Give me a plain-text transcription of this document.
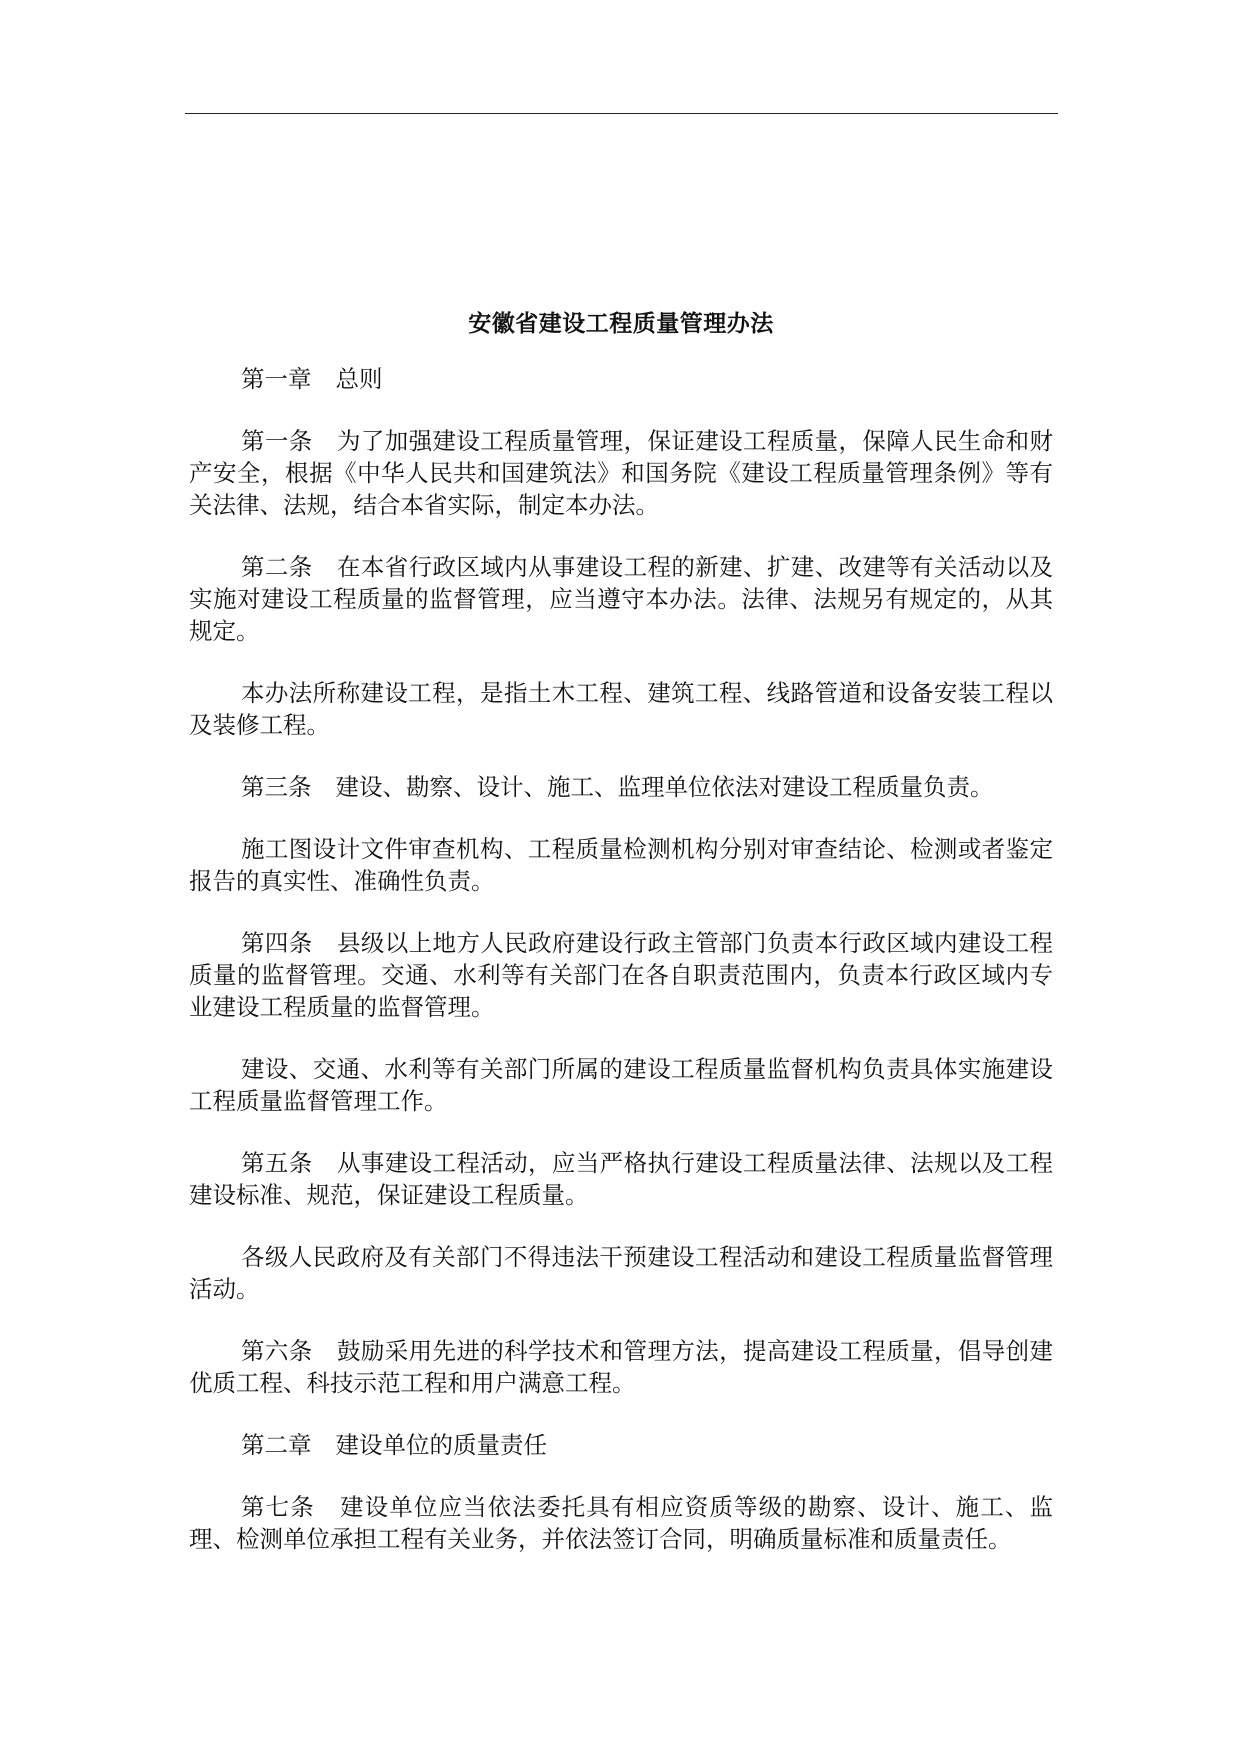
安徽省建设工程质量管理办法

第一章 总则

第一条 为了加强建设工程质量管理，保证建设工程质量，保障人民生命和财产安全，根据《中华人民共和国建筑法》和国务院《建设工程质量管理条例》等有关法律、法规，结合本省实际，制定本办法。

第二条 在本省行政区域内从事建设工程的新建、扩建、改建等有关活动以及实施对建设工程质量的监督管理，应当遵守本办法。法律、法规另有规定的，从其规定。

本办法所称建设工程，是指土木工程、建筑工程、线路管道和设备安装工程以及装修工程。

第三条 建设、勘察、设计、施工、监理单位依法对建设工程质量负责。

施工图设计文件审查机构、工程质量检测机构分别对审查结论、检测或者鉴定报告的真实性、准确性负责。

第四条 县级以上地方人民政府建设行政主管部门负责本行政区域内建设工程质量的监督管理。交通、水利等有关部门在各自职责范围内，负责本行政区域内专业建设工程质量的监督管理。

建设、交通、水利等有关部门所属的建设工程质量监督机构负责具体实施建设工程质量监督管理工作。

第五条 从事建设工程活动，应当严格执行建设工程质量法律、法规以及工程建设标准、规范，保证建设工程质量。

各级人民政府及有关部门不得违法干预建设工程活动和建设工程质量监督管理活动。

第六条 鼓励采用先进的科学技术和管理方法，提高建设工程质量，倡导创建优质工程、科技示范工程和用户满意工程。

第二章 建设单位的质量责任

第七条 建设单位应当依法委托具有相应资质等级的勘察、设计、施工、监理、检测单位承担工程有关业务，并依法签订合同，明确质量标准和质量责任。
